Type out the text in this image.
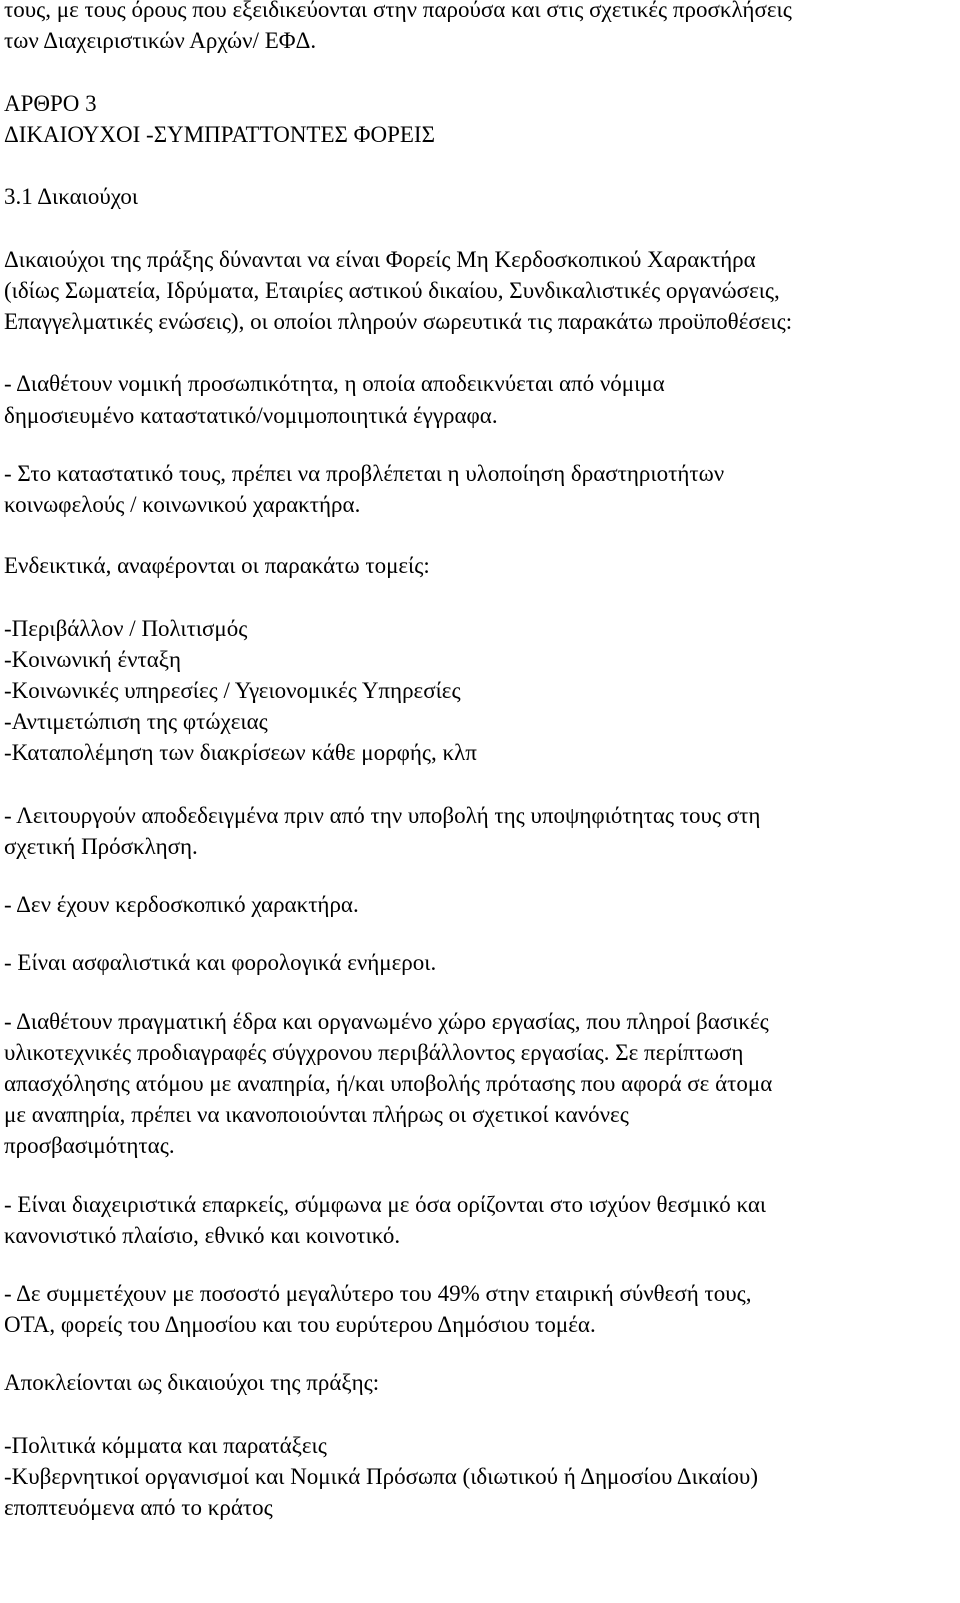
τους, με τους όρους που εξειδικεύονται στην παρούσα και στις σχετικές προσκλήσεις

των Διαχειριστικών Αρχών/ ΕΦΔ.

ΑΡΘΡΟ 3

ΔΙΚΑΙΟΥΧΟΙ -ΣΥΜΠΡΑΤΤΟΝΤΕΣ ΦΟΡΕΙΣ

3.1 Δικαιούχοι

Δικαιούχοι της πράξης δύνανται να είναι Φορείς Μη Κερδοσκοπικού Χαρακτήρα

(ιδίως Σωματεία, Ιδρύματα, Εταιρίες αστικού δικαίου, Συνδικαλιστικές οργανώσεις,

Επαγγελματικές ενώσεις), οι οποίοι πληρούν σωρευτικά τις παρακάτω προϋποθέσεις:

- Διαθέτουν νομική προσωπικότητα, η οποία αποδεικνύεται από νόμιμα

δημοσιευμένο καταστατικό/νομιμοποιητικά έγγραφα.

- Στο καταστατικό τους, πρέπει να προβλέπεται η υλοποίηση δραστηριοτήτων

κοινωφελούς / κοινωνικού χαρακτήρα.

Ενδεικτικά, αναφέρονται οι παρακάτω τομείς:

-Περιβάλλον / Πολιτισμός

-Κοινωνική ένταξη

-Κοινωνικές υπηρεσίες / Υγειονομικές Υπηρεσίες

-Αντιμετώπιση της φτώχειας

-Καταπολέμηση των διακρίσεων κάθε μορφής, κλπ

- Λειτουργούν αποδεδειγμένα πριν από την υποβολή της υποψηφιότητας τους στη

σχετική Πρόσκληση.

- Δεν έχουν κερδοσκοπικό χαρακτήρα.

- Είναι ασφαλιστικά και φορολογικά ενήμεροι.

- Διαθέτουν πραγματική έδρα και οργανωμένο χώρο εργασίας, που πληροί βασικές

υλικοτεχνικές προδιαγραφές σύγχρονου περιβάλλοντος εργασίας. Σε περίπτωση

απασχόλησης ατόμου με αναπηρία, ή/και υποβολής πρότασης που αφορά σε άτομα

με αναπηρία, πρέπει να ικανοποιούνται πλήρως οι σχετικοί κανόνες

προσβασιμότητας.

- Είναι διαχειριστικά επαρκείς, σύμφωνα με όσα ορίζονται στο ισχύον θεσμικό και

κανονιστικό πλαίσιο, εθνικό και κοινοτικό.

- Δε συμμετέχουν με ποσοστό μεγαλύτερο του 49% στην εταιρική σύνθεσή τους,

ΟΤΑ, φορείς του Δημοσίου και του ευρύτερου Δημόσιου τομέα.

Αποκλείονται ως δικαιούχοι της πράξης:

-Πολιτικά κόμματα και παρατάξεις

-Κυβερνητικοί οργανισμοί και Νομικά Πρόσωπα (ιδιωτικού ή Δημοσίου Δικαίου)

εποπτευόμενα από το κράτος
